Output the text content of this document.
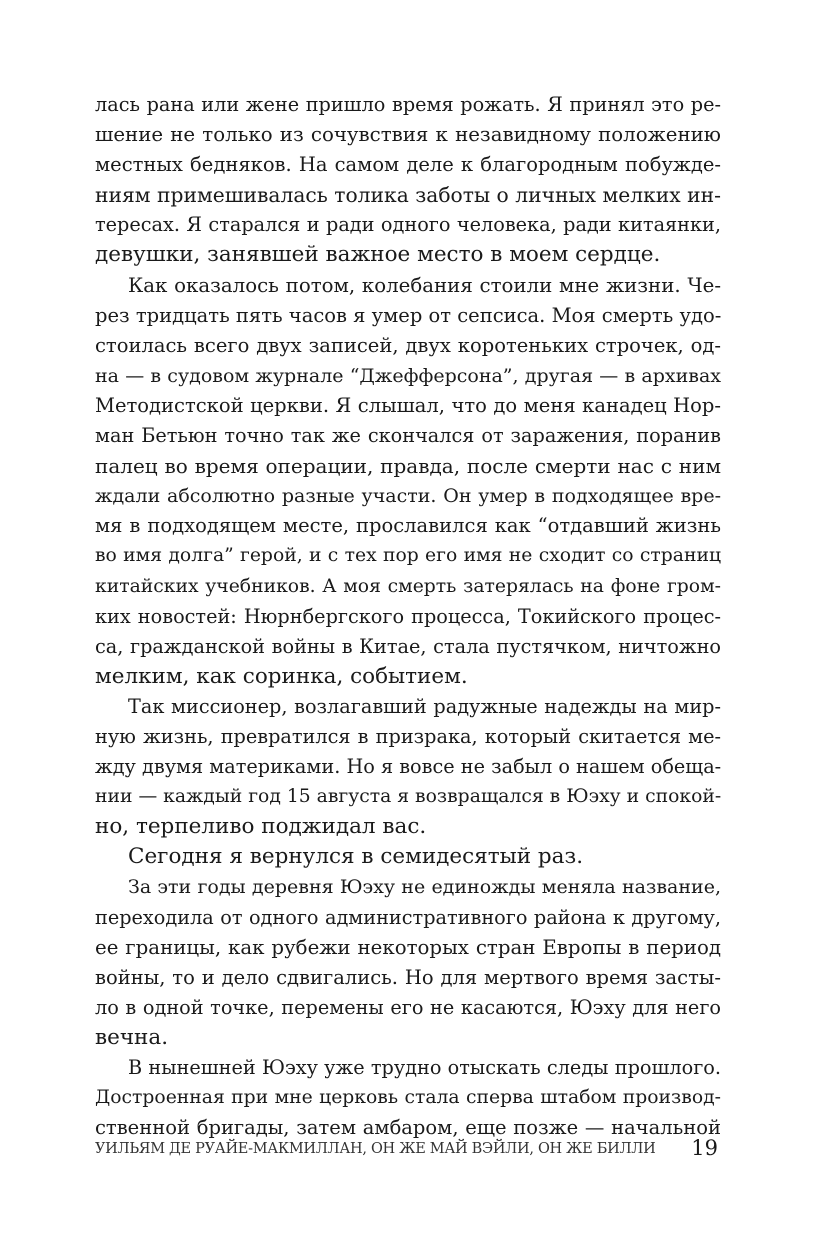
лась рана или жене пришло время рожать. Я принял это ре-
шение не только из сочувствия к незавидному положению
местных бедняков. На самом деле к благородным побужде-
ниям примешивалась толика заботы о личных мелких ин-
тересах. Я старался и ради одного человека, ради китаянки,
девушки, занявшей важное место в моем сердце.
Как оказалось потом, колебания стоили мне жизни. Че-
рез тридцать пять часов я умер от сепсиса. Моя смерть удо-
стоилась всего двух записей, двух коротеньких строчек, од-
на — в судовом журнале “Джефферсона”, другая — в архивах
Методистской церкви. Я слышал, что до меня канадец Нор-
ман Бетьюн точно так же скончался от заражения, поранив
палец во время операции, правда, после смерти нас с ним
ждали абсолютно разные участи. Он умер в подходящее вре-
мя в подходящем месте, прославился как “отдавший жизнь
во имя долга” герой, и с тех пор его имя не сходит со страниц
китайских учебников. А моя смерть затерялась на фоне гром-
ких новостей: Нюрнбергского процесса, Токийского процес-
са, гражданской войны в Китае, стала пустячком, ничтожно
мелким, как соринка, событием.
Так миссионер, возлагавший радужные надежды на мир-
ную жизнь, превратился в призрака, который скитается ме-
жду двумя материками. Но я вовсе не забыл о нашем обеща-
нии — каждый год 15 августа я возвращался в Юэху и спокой-
но, терпеливо поджидал вас.
Сегодня я вернулся в семидесятый раз.
За эти годы деревня Юэху не единожды меняла название,
переходила от одного административного района к другому,
ее границы, как рубежи некоторых стран Европы в период
войны, то и дело сдвигались. Но для мертвого время засты-
ло в одной точке, перемены его не касаются, Юэху для него
вечна.
В нынешней Юэху уже трудно отыскать следы прошлого.
Достроенная при мне церковь стала сперва штабом производ-
ственной бригады, затем амбаром, еще позже — начальной
УИЛЬЯМ ДЕ РУАЙЕ-МАКМИЛЛАН, ОН ЖЕ МАЙ ВЭЙЛИ, ОН ЖЕ БИЛЛИ 19
